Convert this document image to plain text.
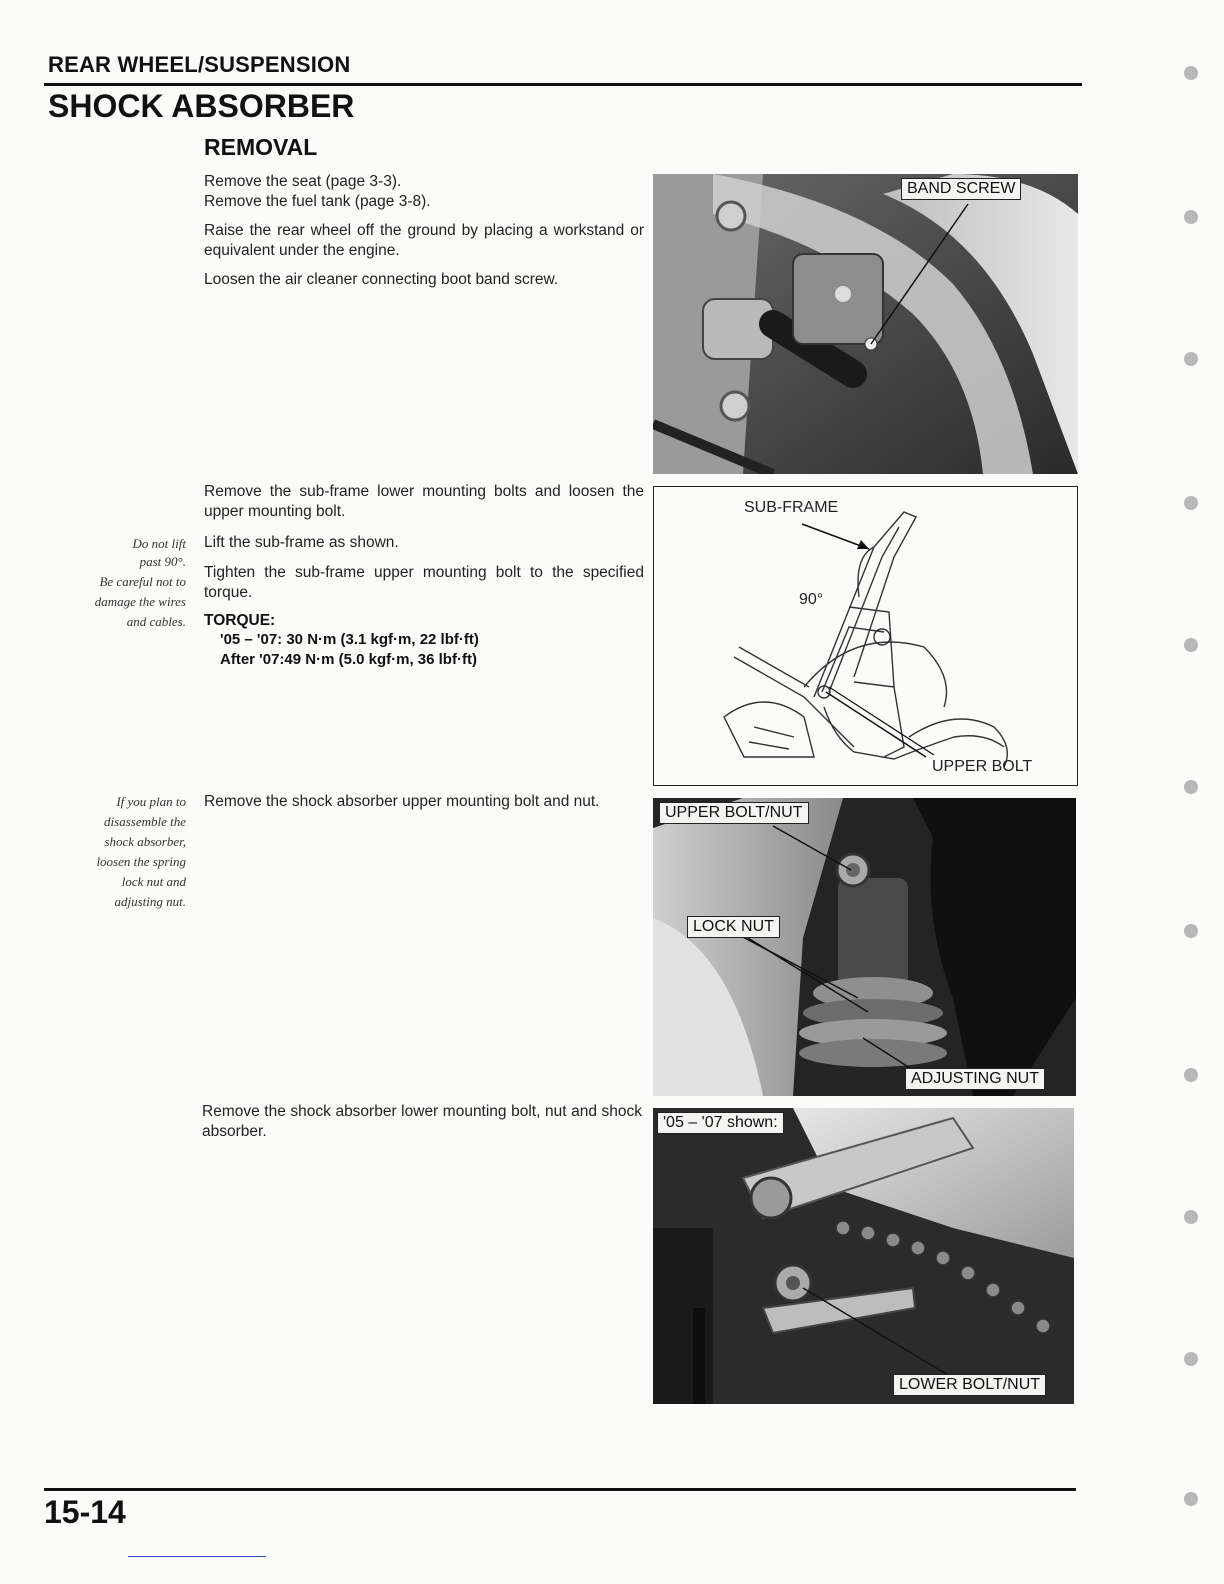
REAR WHEEL/SUSPENSION
SHOCK ABSORBER
REMOVAL
Remove the seat (page 3-3).
Remove the fuel tank (page 3-8).
Raise the rear wheel off the ground by placing a workstand or equivalent under the engine.
Loosen the air cleaner connecting boot band screw.
Remove the sub-frame lower mounting bolts and loosen the upper mounting bolt.
Lift the sub-frame as shown.
Tighten the sub-frame upper mounting bolt to the specified torque.
TORQUE:
'05 – '07: 30 N·m (3.1 kgf·m, 22 lbf·ft)
After '07:49 N·m (5.0 kgf·m, 36 lbf·ft)
Remove the shock absorber upper mounting bolt and nut.
Remove the shock absorber lower mounting bolt, nut and shock absorber.
Do not lift
past 90°.
Be careful not to
damage the wires
and cables.
If you plan to
disassemble the
shock absorber,
loosen the spring
lock nut and
adjusting nut.
BAND SCREW
SUB-FRAME
90°
UPPER BOLT
UPPER BOLT/NUT
LOCK NUT
ADJUSTING NUT
'05 – '07 shown:
LOWER BOLT/NUT
15-14
